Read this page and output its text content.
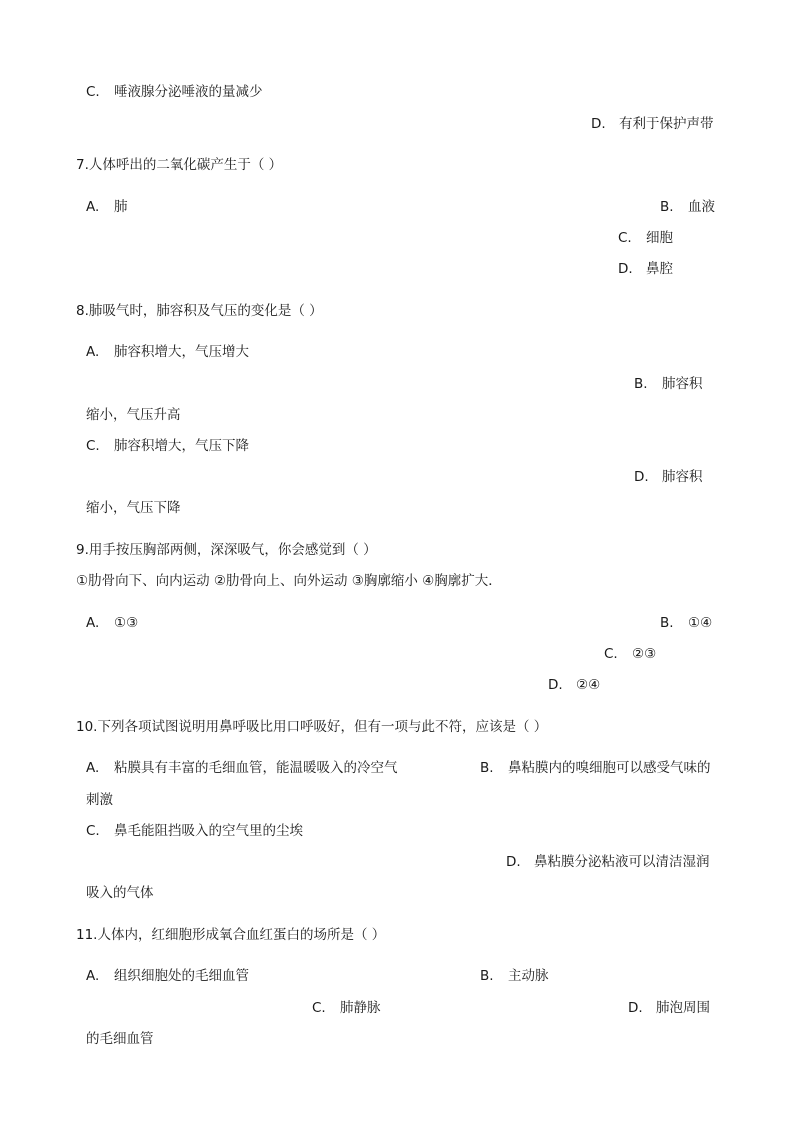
C. 唾液腺分泌唾液的量减少
D. 有利于保护声带
7.人体呼出的二氧化碳产生于（ ）
A. 肺	B. 血液
C. 细胞
D. 鼻腔
8.肺吸气时，肺容积及气压的变化是（ ）
A. 肺容积增大，气压增大
B. 肺容积
缩小，气压升高
C. 肺容积增大，气压下降
D. 肺容积
缩小，气压下降
9.用手按压胸部两侧，深深吸气，你会感觉到（ ）
①肋骨向下、向内运动 ②肋骨向上、向外运动 ③胸廓缩小 ④胸廓扩大．
A. ①③	B. ①④
C. ②③
D. ②④
10.下列各项试图说明用鼻呼吸比用口呼吸好，但有一项与此不符，应该是（ ）
A. 粘膜具有丰富的毛细血管，能温暖吸入的冷空气	B. 鼻粘膜内的嗅细胞可以感受气味的
刺激
C. 鼻毛能阻挡吸入的空气里的尘埃
D. 鼻粘膜分泌粘液可以清洁湿润
吸入的气体
11.人体内，红细胞形成氧合血红蛋白的场所是（ ）
A. 组织细胞处的毛细血管	B. 主动脉
C. 肺静脉	D. 肺泡周围
的毛细血管
